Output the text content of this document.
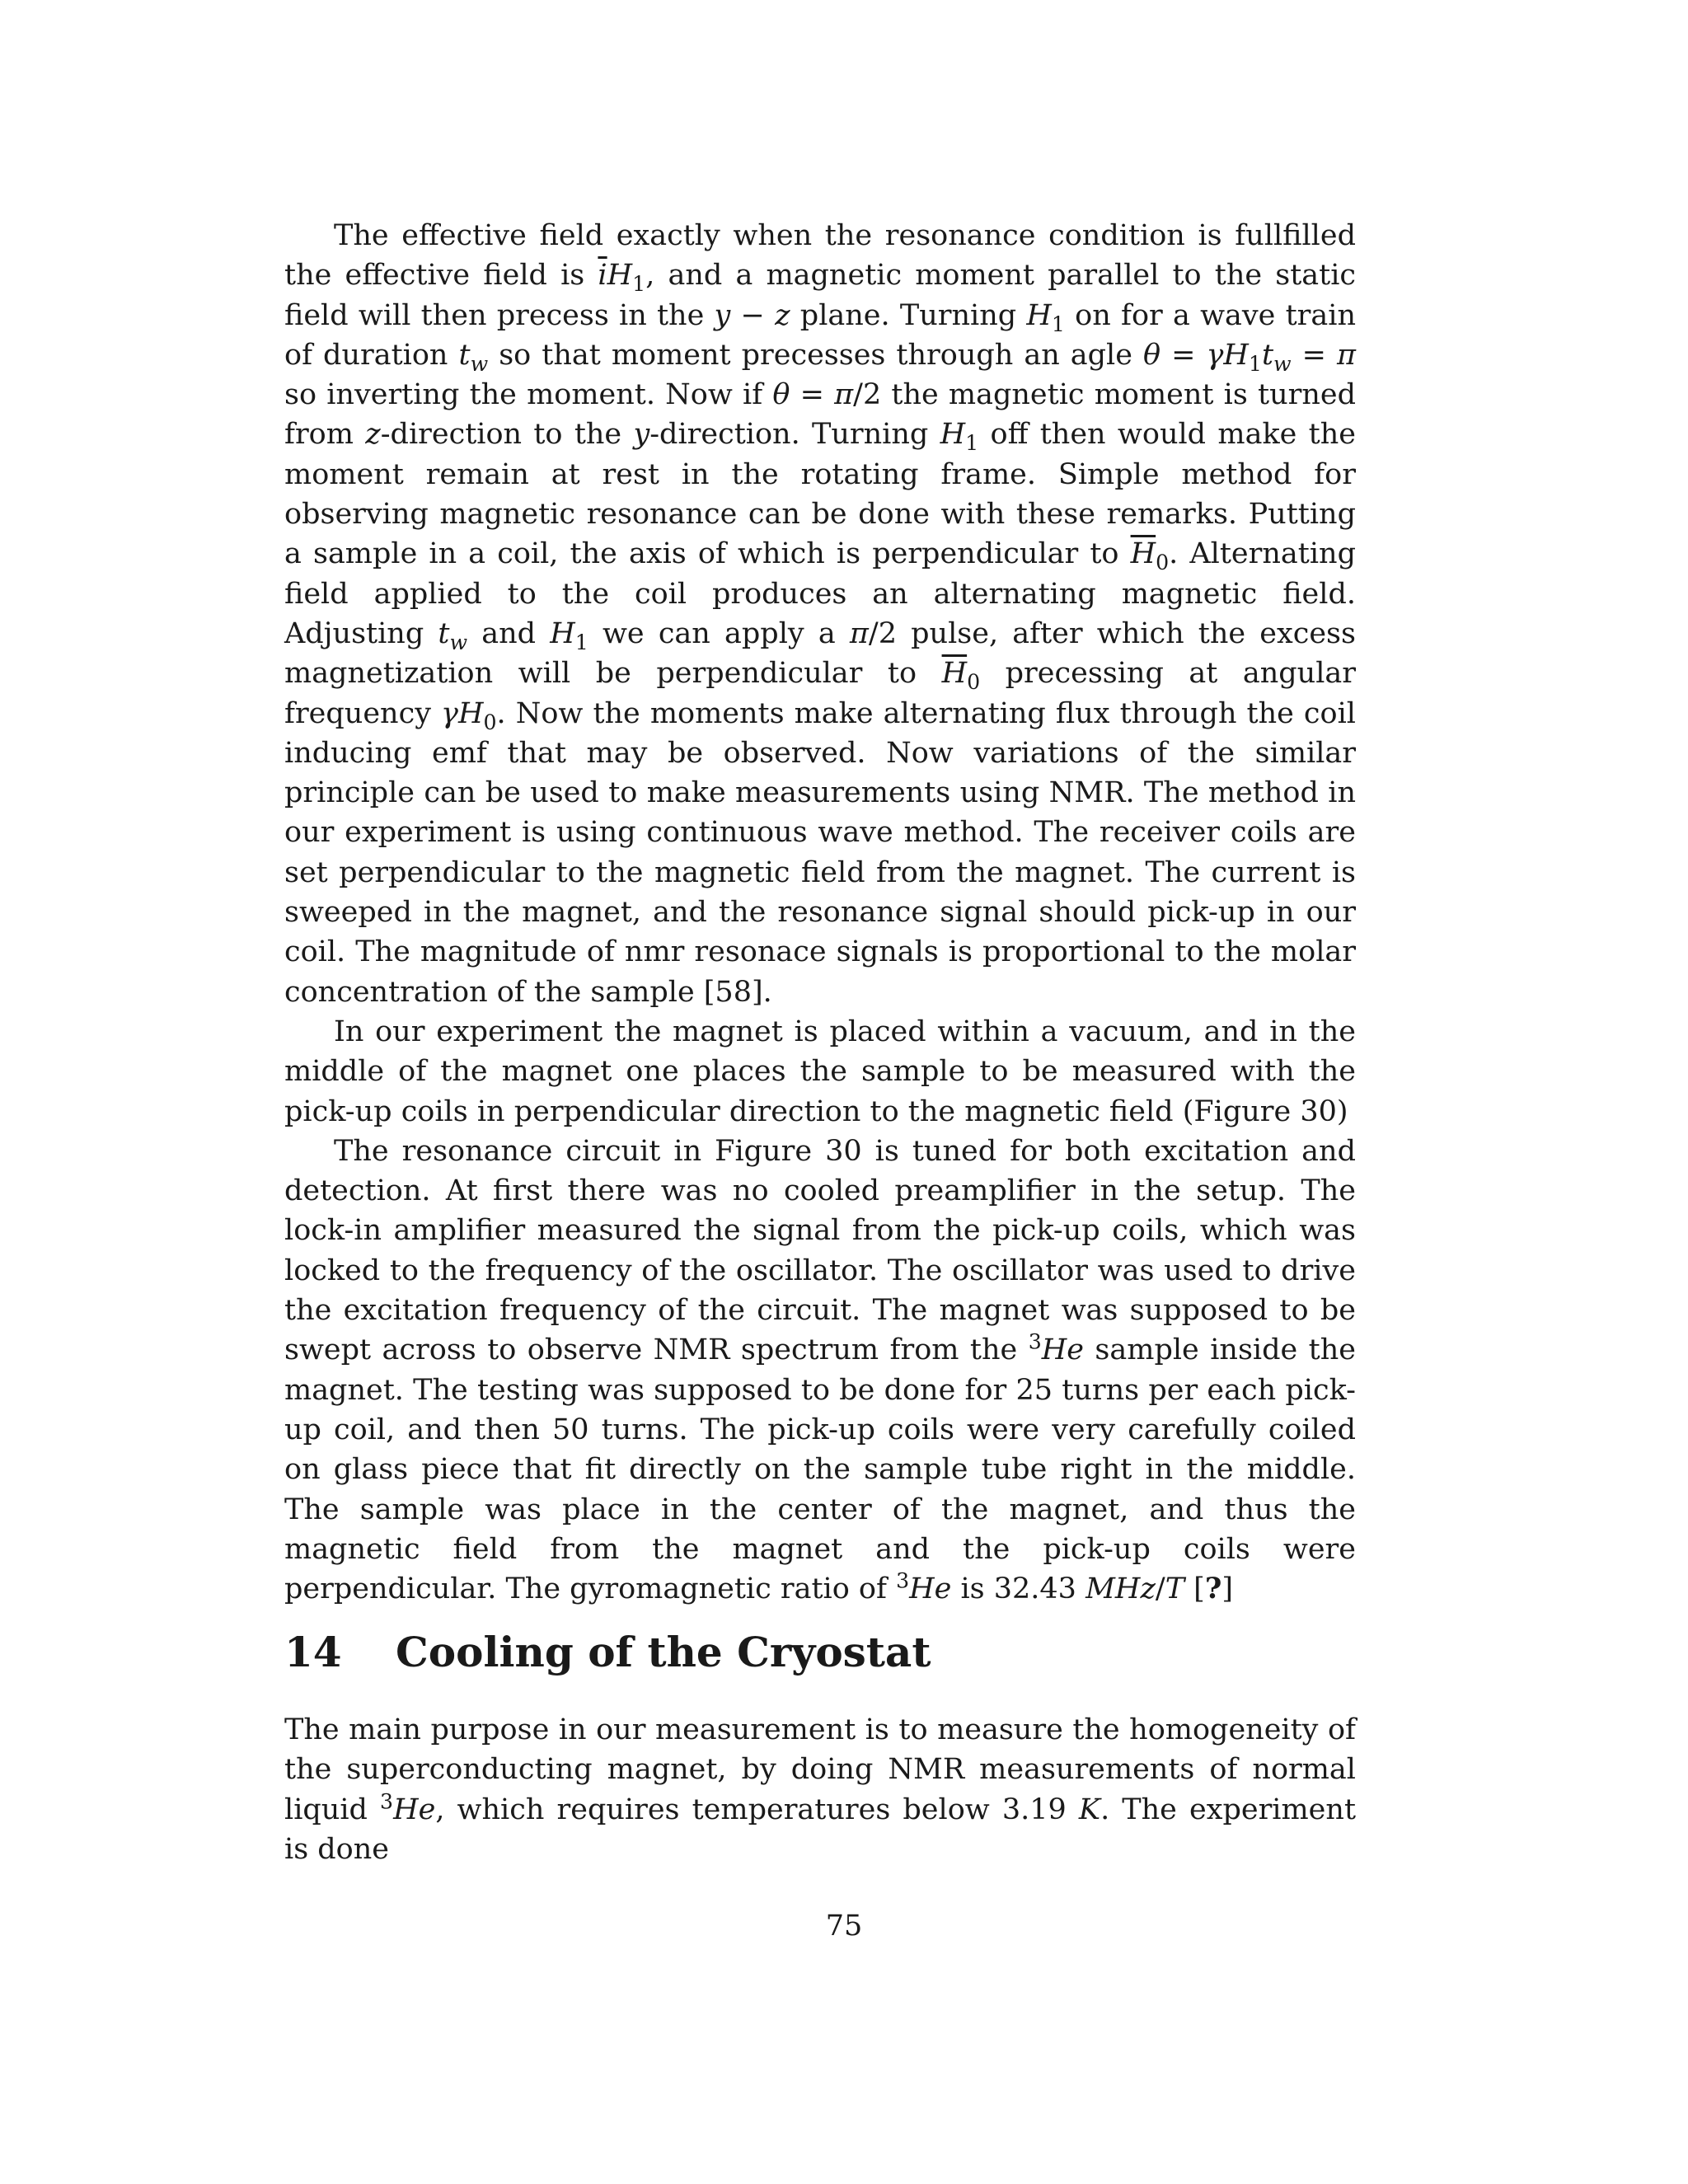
The effective field exactly when the resonance condition is fullfilled the effective field is $\overline{i}H_1$, and a magnetic moment parallel to the static field will then precess in the y − z plane. Turning $H_1$ on for a wave train of duration $t_w$ so that moment precesses through an agle $\theta = \gamma H_1t_w = \pi$ so inverting the moment. Now if θ = π/2 the magnetic moment is turned from z-direction to the y-direction. Turning $H_1$ off then would make the moment remain at rest in the rotating frame. Simple method for observing magnetic resonance can be done with these remarks. Putting a sample in a coil, the axis of which is perpendicular to $\overline{H}_0$. Alternating field applied to the coil produces an alternating magnetic field. Adjusting $t_w$ and $H_1$ we can apply a π/2 pulse, after which the excess magnetization will be perpendicular to $\overline{H}_0$ precessing at angular frequency $\gamma H_0$. Now the moments make alternating flux through the coil inducing emf that may be observed. Now variations of the similar principle can be used to make measurements using NMR. The method in our experiment is using continuous wave method. The receiver coils are set perpendicular to the magnetic field from the magnet. The current is sweeped in the magnet, and the resonance signal should pick-up in our coil. The magnitude of nmr resonace signals is proportional to the molar concentration of the sample [58].

In our experiment the magnet is placed within a vacuum, and in the middle of the magnet one places the sample to be measured with the pick-up coils in perpendicular direction to the magnetic field (Figure 30)

The resonance circuit in Figure 30 is tuned for both excitation and detection. At first there was no cooled preamplifier in the setup. The lock-in amplifier measured the signal from the pick-up coils, which was locked to the frequency of the oscillator. The oscillator was used to drive the excitation frequency of the circuit. The magnet was supposed to be swept across to observe NMR spectrum from the $^3$He sample inside the magnet. The testing was supposed to be done for 25 turns per each pick-up coil, and then 50 turns. The pick-up coils were very carefully coiled on glass piece that fit directly on the sample tube right in the middle. The sample was place in the center of the magnet, and thus the magnetic field from the magnet and the pick-up coils were perpendicular. The gyromagnetic ratio of $^3$He is 32.43 MHz/T [?]

14 Cooling of the Cryostat

The main purpose in our measurement is to measure the homogeneity of the superconducting magnet, by doing NMR measurements of normal liquid $^3$He, which requires temperatures below 3.19 K. The experiment is done

75
